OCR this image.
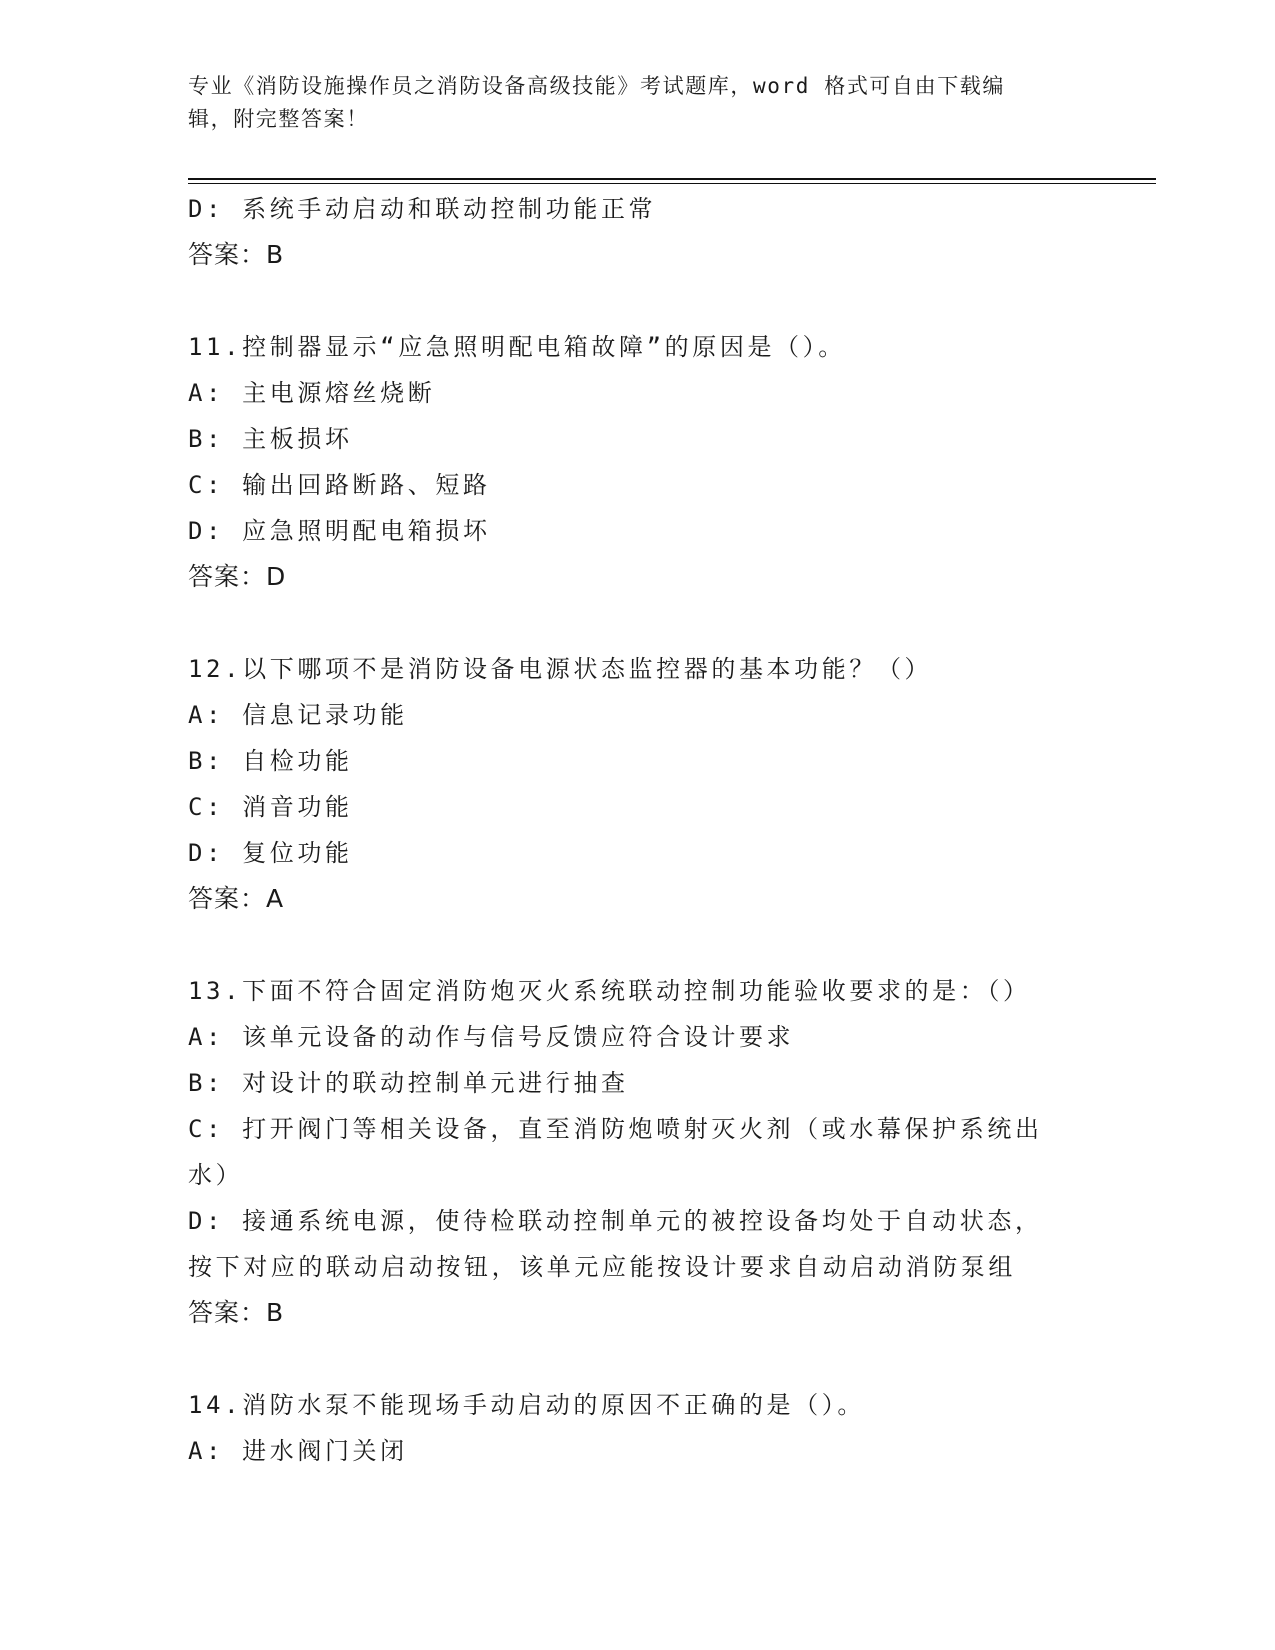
专业《消防设施操作员之消防设备高级技能》考试题库，word 格式可自由下载编
辑，附完整答案！
D: 系统手动启动和联动控制功能正常
答案：B
11.控制器显示“应急照明配电箱故障”的原因是（）。
A: 主电源熔丝烧断
B: 主板损坏
C: 输出回路断路、短路
D: 应急照明配电箱损坏
答案：D
12.以下哪项不是消防设备电源状态监控器的基本功能？（）
A: 信息记录功能
B: 自检功能
C: 消音功能
D: 复位功能
答案：A
13.下面不符合固定消防炮灭火系统联动控制功能验收要求的是：（）
A: 该单元设备的动作与信号反馈应符合设计要求
B: 对设计的联动控制单元进行抽查
C: 打开阀门等相关设备，直至消防炮喷射灭火剂（或水幕保护系统出
水）
D: 接通系统电源，使待检联动控制单元的被控设备均处于自动状态，
按下对应的联动启动按钮，该单元应能按设计要求自动启动消防泵组
答案：B
14.消防水泵不能现场手动启动的原因不正确的是（）。
A: 进水阀门关闭
